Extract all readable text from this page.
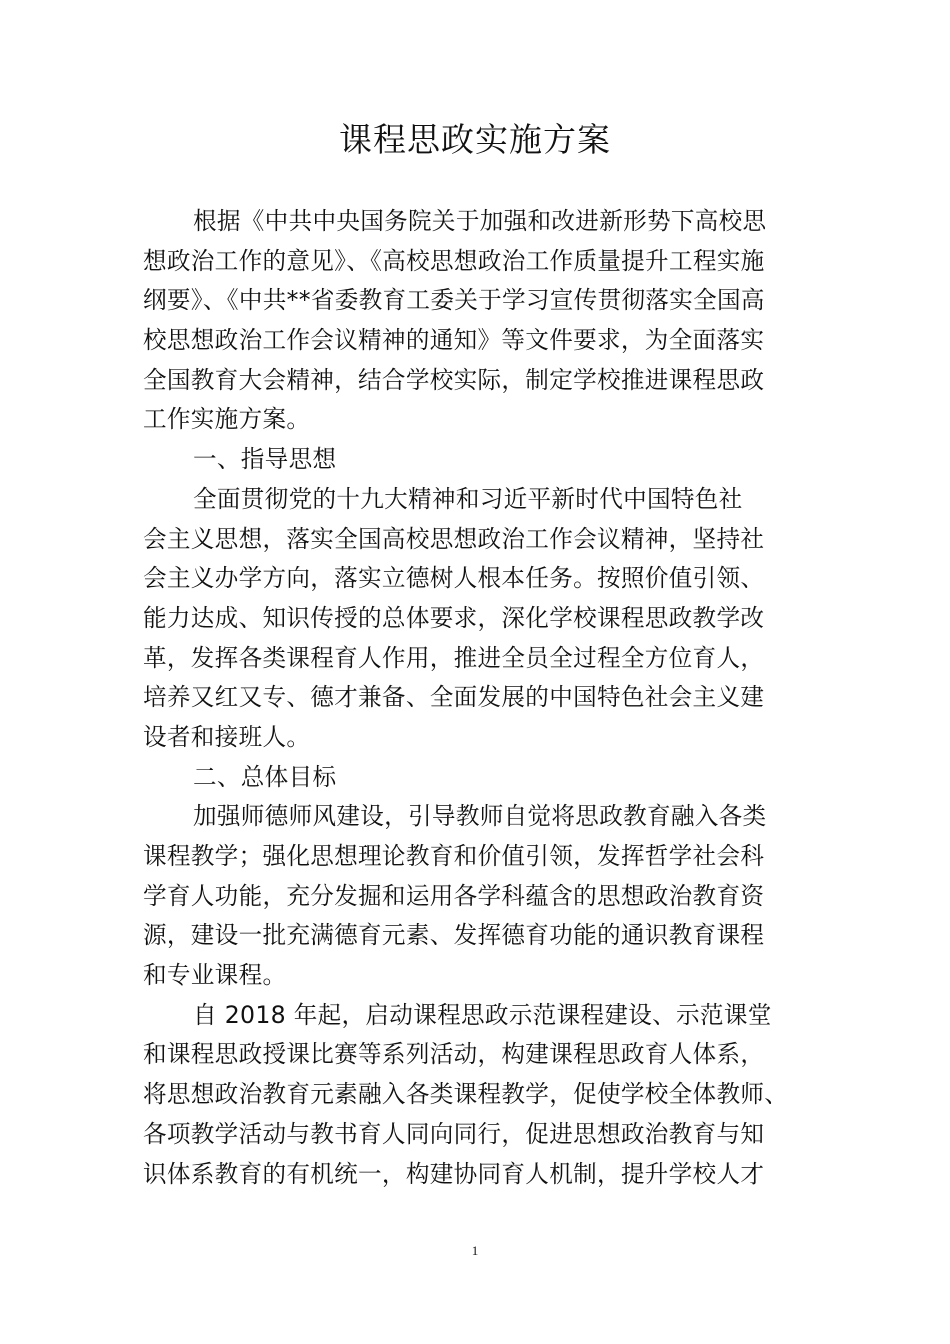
课程思政实施方案
根据《中共中央国务院关于加强和改进新形势下高校思
想政治工作的意见》、《高校思想政治工作质量提升工程实施
纲要》、《中共**省委教育工委关于学习宣传贯彻落实全国高
校思想政治工作会议精神的通知》等文件要求，为全面落实
全国教育大会精神，结合学校实际，制定学校推进课程思政
工作实施方案。
一、指导思想
全面贯彻党的十九大精神和习近平新时代中国特色社
会主义思想，落实全国高校思想政治工作会议精神，坚持社
会主义办学方向，落实立德树人根本任务。按照价值引领、
能力达成、知识传授的总体要求，深化学校课程思政教学改
革，发挥各类课程育人作用，推进全员全过程全方位育人，
培养又红又专、德才兼备、全面发展的中国特色社会主义建
设者和接班人。
二、总体目标
加强师德师风建设，引导教师自觉将思政教育融入各类
课程教学；强化思想理论教育和价值引领，发挥哲学社会科
学育人功能，充分发掘和运用各学科蕴含的思想政治教育资
源，建设一批充满德育元素、发挥德育功能的通识教育课程
和专业课程。
自 2018 年起，启动课程思政示范课程建设、示范课堂
和课程思政授课比赛等系列活动，构建课程思政育人体系，
将思想政治教育元素融入各类课程教学，促使学校全体教师、
各项教学活动与教书育人同向同行，促进思想政治教育与知
识体系教育的有机统一，构建协同育人机制，提升学校人才
1
